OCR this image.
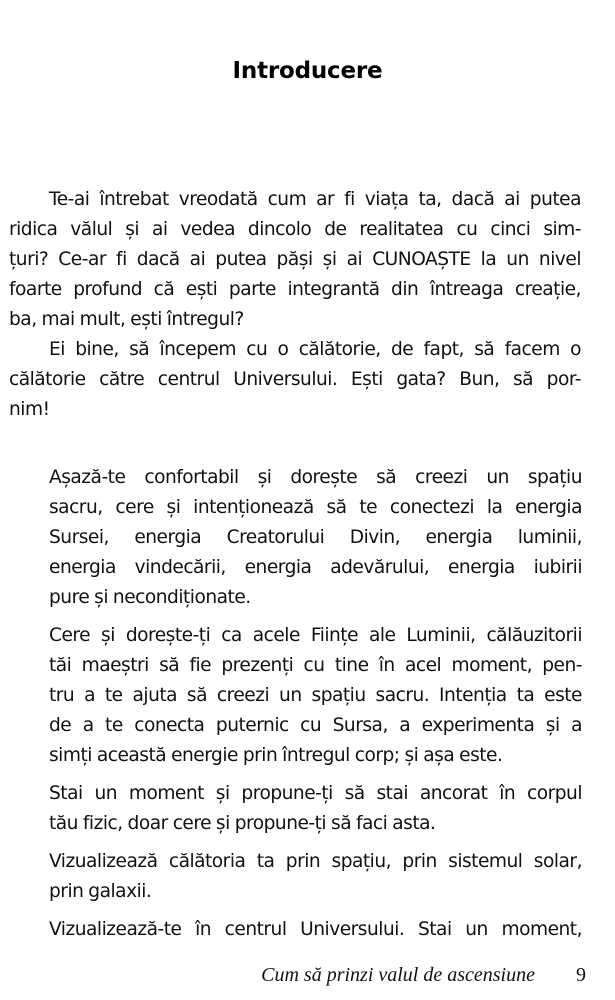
Introducere
Te-ai întrebat vreodată cum ar fi viața ta, dacă ai putea
ridica vălul și ai vedea dincolo de realitatea cu cinci sim-
țuri? Ce-ar fi dacă ai putea păși și ai CUNOAȘTE la un nivel
foarte profund că ești parte integrantă din întreaga creație,
ba, mai mult, ești întregul?
Ei bine, să începem cu o călătorie, de fapt, să facem o
călătorie către centrul Universului. Ești gata? Bun, să por-
nim!
Așază-te confortabil și dorește să creezi un spațiu
sacru, cere și intenționează să te conectezi la energia
Sursei, energia Creatorului Divin, energia luminii,
energia vindecării, energia adevărului, energia iubirii
pure și necondiționate.
Cere și dorește-ți ca acele Ființe ale Luminii, călăuzitorii
tăi maeștri să fie prezenți cu tine în acel moment, pen-
tru a te ajuta să creezi un spațiu sacru. Intenția ta este
de a te conecta puternic cu Sursa, a experimenta și a
simți această energie prin întregul corp; și așa este.
Stai un moment și propune-ți să stai ancorat în corpul
tău fizic, doar cere și propune-ți să faci asta.
Vizualizează călătoria ta prin spațiu, prin sistemul solar,
prin galaxii.
Vizualizează-te în centrul Universului. Stai un moment,
Cum să prinzi valul de ascensiune 9
